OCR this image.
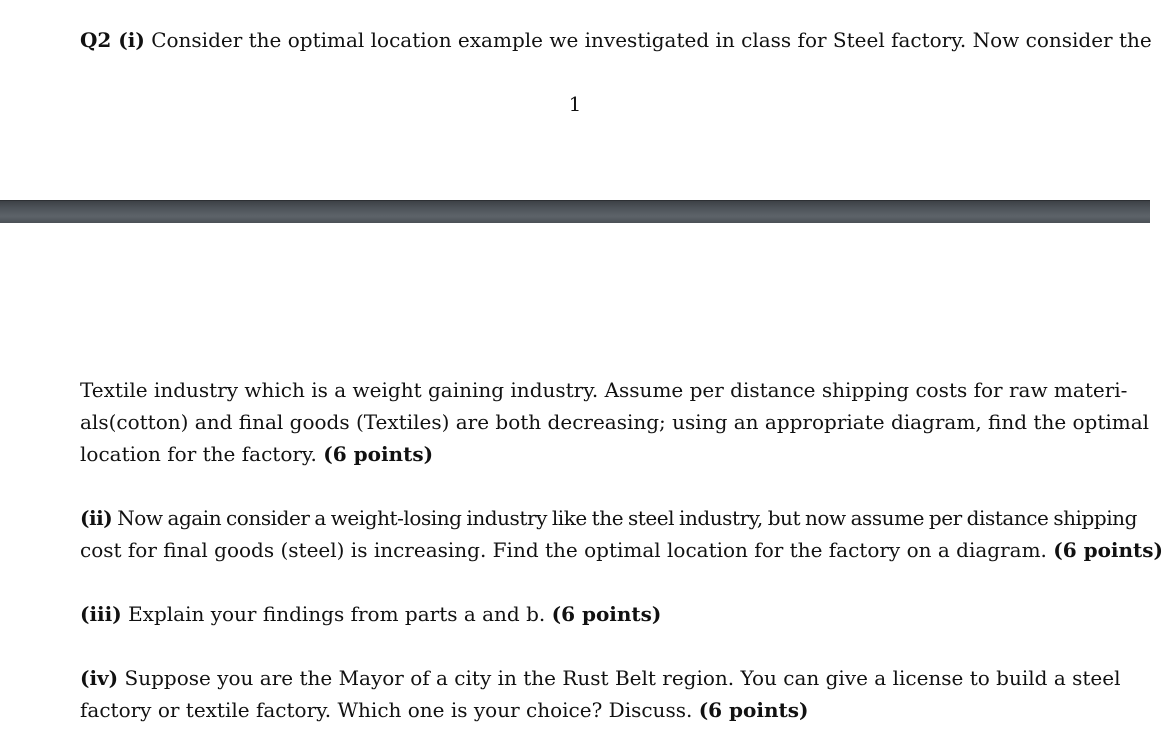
Q2 (i) Consider the optimal location example we investigated in class for Steel factory. Now consider the
1
Textile industry which is a weight gaining industry. Assume per distance shipping costs for raw materi-
als(cotton) and final goods (Textiles) are both decreasing; using an appropriate diagram, find the optimal
location for the factory. (6 points)
(ii) Now again consider a weight-losing industry like the steel industry, but now assume per distance shipping
cost for final goods (steel) is increasing. Find the optimal location for the factory on a diagram. (6 points)
(iii) Explain your findings from parts a and b. (6 points)
(iv) Suppose you are the Mayor of a city in the Rust Belt region. You can give a license to build a steel
factory or textile factory. Which one is your choice? Discuss. (6 points)
